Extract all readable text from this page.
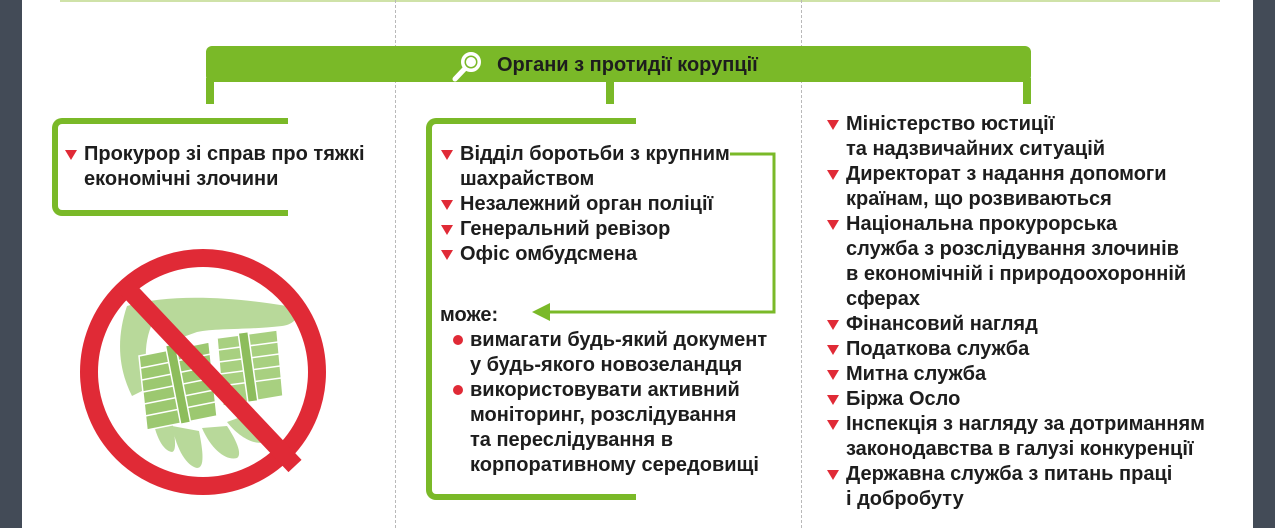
Органи з протидії корупції
Прокурор зі справ про тяжкі
економічні злочини
Відділ боротьби з крупним
шахрайством
Незалежний орган поліції
Генеральний ревізор
Офіс омбудсмена
може:
вимагати будь-який документ
у будь-якого новозеландця
використовувати активний
моніторинг, розслідування
та переслідування в
корпоративному середовищі
Міністерство юстиції
та надзвичайних ситуацій
Директорат з надання допомоги
країнам, що розвиваються
Національна прокурорська
служба з розслідування злочинів
в економічній і природоохоронній
сферах
Фінансовий нагляд
Податкова служба
Митна служба
Біржа Осло
Інспекція з нагляду за дотриманням
законодавства в галузі конкуренції
Державна служба з питань праці
і добробуту
